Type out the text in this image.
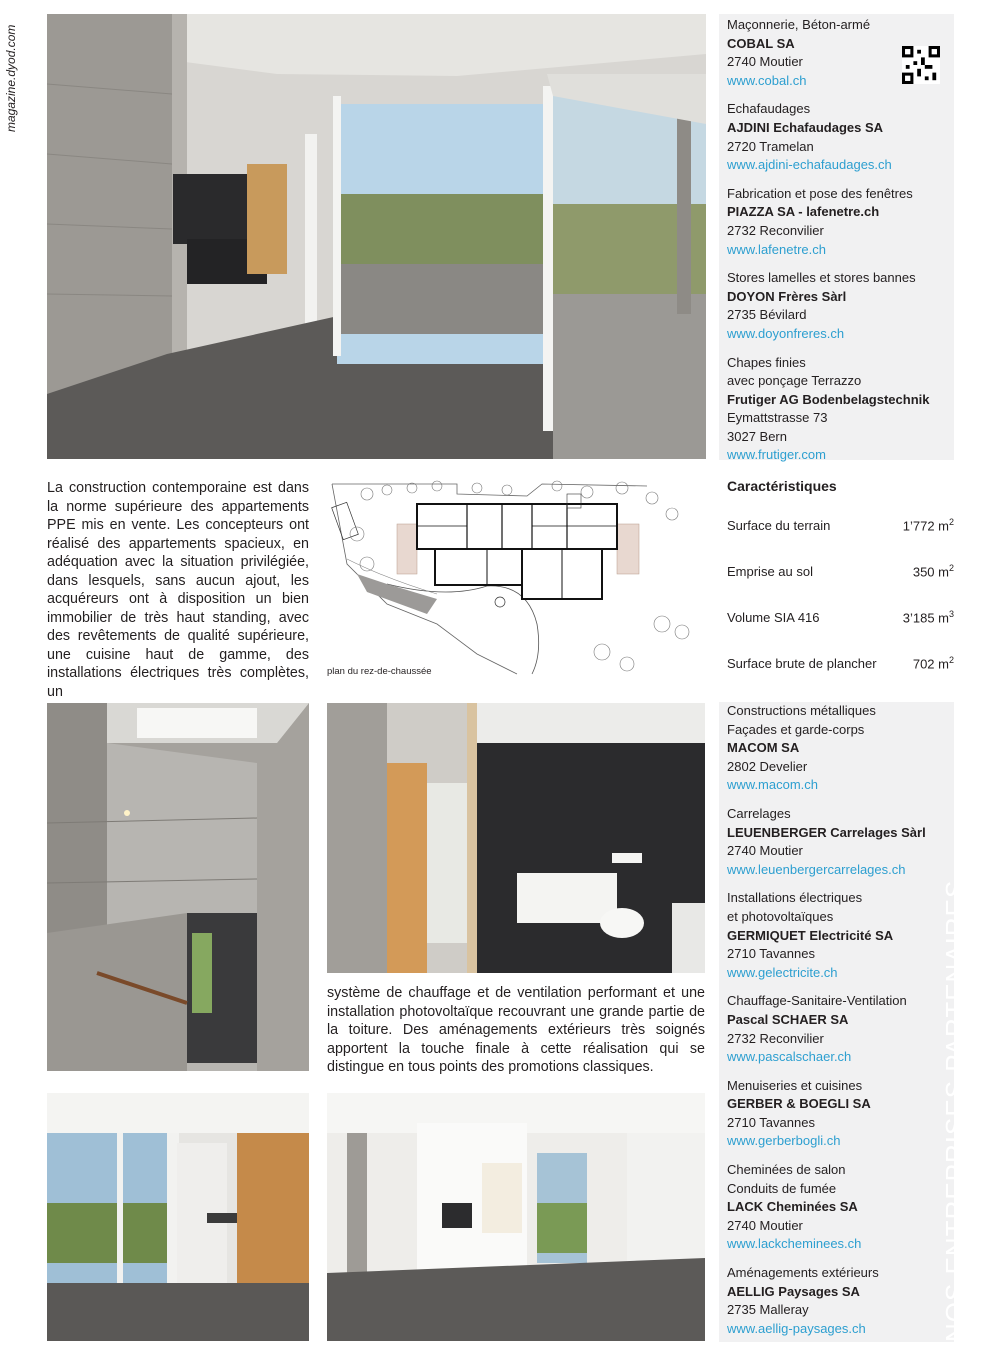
magazine.dyod.com
Maçonnerie, Béton-armé
COBAL SA
2740 Moutier
www.cobal.ch
Echafaudages
AJDINI Echafaudages SA
2720 Tramelan
www.ajdini-echafaudages.ch
Fabrication et pose des fenêtres
PIAZZA SA - lafenetre.ch
2732 Reconvilier
www.lafenetre.ch
Stores lamelles et stores bannes
DOYON Frères Sàrl
2735 Bévilard
www.doyonfreres.ch
Chapes finies
avec ponçage Terrazzo
Frutiger AG Bodenbelagstechnik
Eymattstrasse 73
3027 Bern
www.frutiger.com
La construction contemporaine est dans la norme supérieure des appartements PPE mis en vente. Les concepteurs ont réalisé des appartements spacieux, en adéquation avec la situation privilégiée, dans lesquels, sans aucun ajout, les acquéreurs ont à disposition un bien immobilier de très haut standing, avec des revêtements de qualité supérieure, une cuisine haut de gamme, des installations électriques très complètes, un
plan du rez-de-chaussée
Caractéristiques
Surface du terrain	1’772 $m^2$
Emprise au sol	350 $m^2$
Volume SIA 416	3’185 $m^3$
Surface brute de plancher	702 $m^2$
système de chauffage et de ventilation performant et une installation photovoltaïque recouvrant une grande partie de la toiture. Des aménagements extérieurs très soignés apportent la touche finale à cette réalisation qui se distingue en tous points des promotions classiques.	NOS ENTREPRISES PARTENAIRES
Constructions métalliques
Façades et garde-corps
MACOM SA
2802 Develier
www.macom.ch
Carrelages
LEUENBERGER Carrelages Sàrl
2740 Moutier
www.leuenbergercarrelages.ch
Installations électriques
et photovoltaïques
GERMIQUET Electricité SA
2710 Tavannes
www.gelectricite.ch
Chauffage-Sanitaire-Ventilation
Pascal SCHAER SA
2732 Reconvilier
www.pascalschaer.ch
Menuiseries et cuisines
GERBER & BOEGLI SA
2710 Tavannes
www.gerberbogli.ch
Cheminées de salon
Conduits de fumée
LACK Cheminées SA
2740 Moutier
www.lackcheminees.ch
Aménagements extérieurs
AELLIG Paysages SA
2735 Malleray
www.aellig-paysages.ch
